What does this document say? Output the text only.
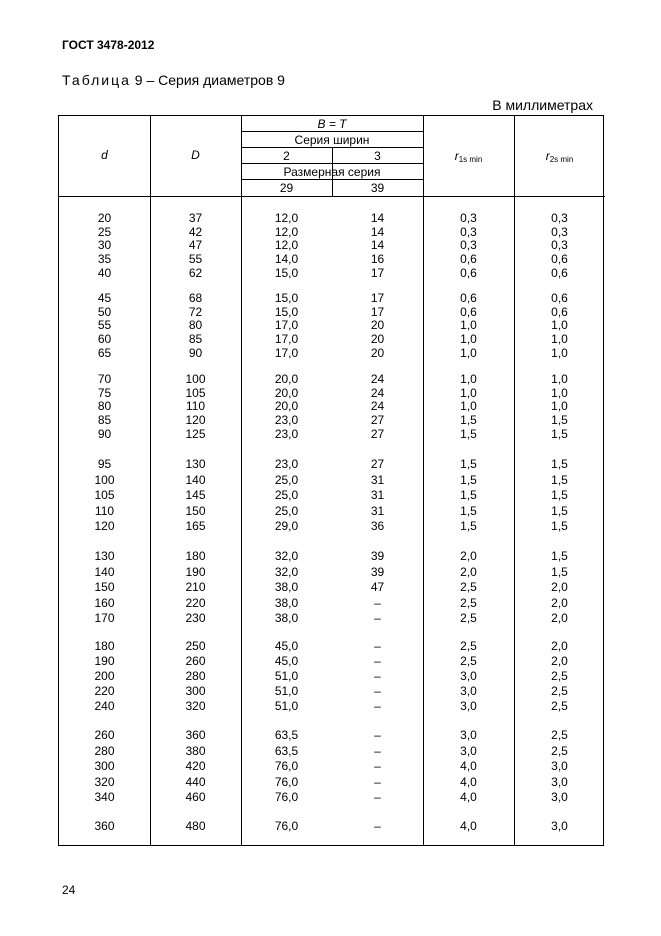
ГОСТ 3478-2012
Таблица 9 – Серия диаметров 9
В миллиметрах
d	D
B = T
Серия ширин
2	3
Размерная серия
29	39
$r_{1s min}$	$r_{2s min}$
20	37	12,0	14	0,3	0,3
25	42	12,0	14	0,3	0,3
30	47	12,0	14	0,3	0,3
35	55	14,0	16	0,6	0,6
40	62	15,0	17	0,6	0,6
45	68	15,0	17	0,6	0,6
50	72	15,0	17	0,6	0,6
55	80	17,0	20	1,0	1,0
60	85	17,0	20	1,0	1,0
65	90	17,0	20	1,0	1,0
70	100	20,0	24	1,0	1,0
75	105	20,0	24	1,0	1,0
80	110	20,0	24	1,0	1,0
85	120	23,0	27	1,5	1,5
90	125	23,0	27	1,5	1,5
95	130	23,0	27	1,5	1,5
100	140	25,0	31	1,5	1,5
105	145	25,0	31	1,5	1,5
110	150	25,0	31	1,5	1,5
120	165	29,0	36	1,5	1,5
130	180	32,0	39	2,0	1,5
140	190	32,0	39	2,0	1,5
150	210	38,0	47	2,5	2,0
160	220	38,0	–	2,5	2,0
170	230	38,0	–	2,5	2,0
180	250	45,0	–	2,5	2,0
190	260	45,0	–	2,5	2,0
200	280	51,0	–	3,0	2,5
220	300	51,0	–	3,0	2,5
240	320	51,0	–	3,0	2,5
260	360	63,5	–	3,0	2,5
280	380	63,5	–	3,0	2,5
300	420	76,0	–	4,0	3,0
320	440	76,0	–	4,0	3,0
340	460	76,0	–	4,0	3,0
360	480	76,0	–	4,0	3,0
24
